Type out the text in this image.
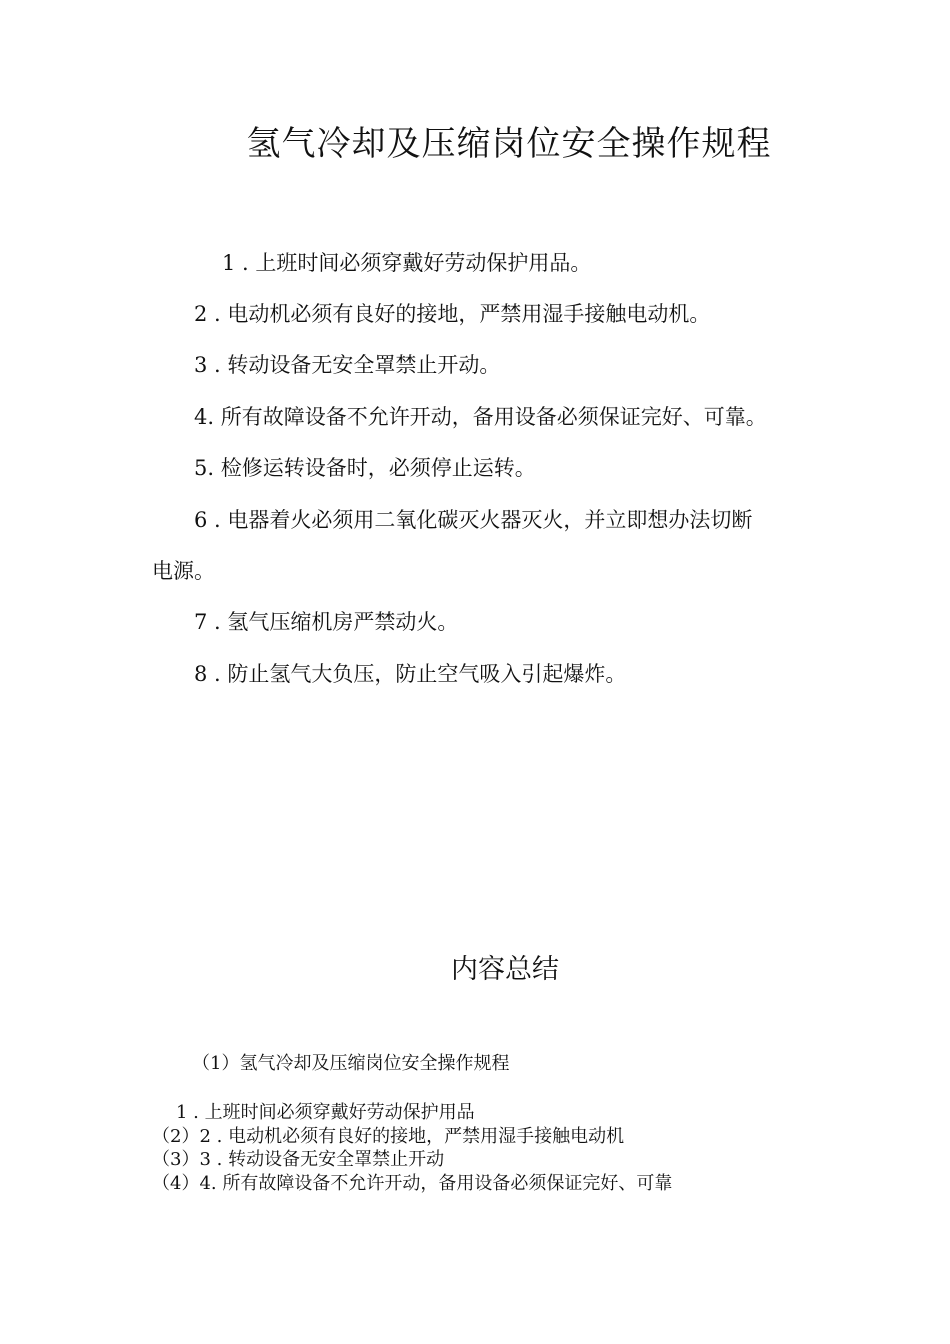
氢气冷却及压缩岗位安全操作规程
1 . 上班时间必须穿戴好劳动保护用品。
2 . 电动机必须有良好的接地，严禁用湿手接触电动机。
3 . 转动设备无安全罩禁止开动。
4. 所有故障设备不允许开动，备用设备必须保证完好、可靠。
5. 检修运转设备时，必须停止运转。
6 . 电器着火必须用二氧化碳灭火器灭火，并立即想办法切断
电源。
7 . 氢气压缩机房严禁动火。
8 . 防止氢气大负压，防止空气吸入引起爆炸。
内容总结
（1）氢气冷却及压缩岗位安全操作规程
1 . 上班时间必须穿戴好劳动保护用品
（2）2 . 电动机必须有良好的接地，严禁用湿手接触电动机
（3）3 . 转动设备无安全罩禁止开动
（4）4. 所有故障设备不允许开动，备用设备必须保证完好、可靠
